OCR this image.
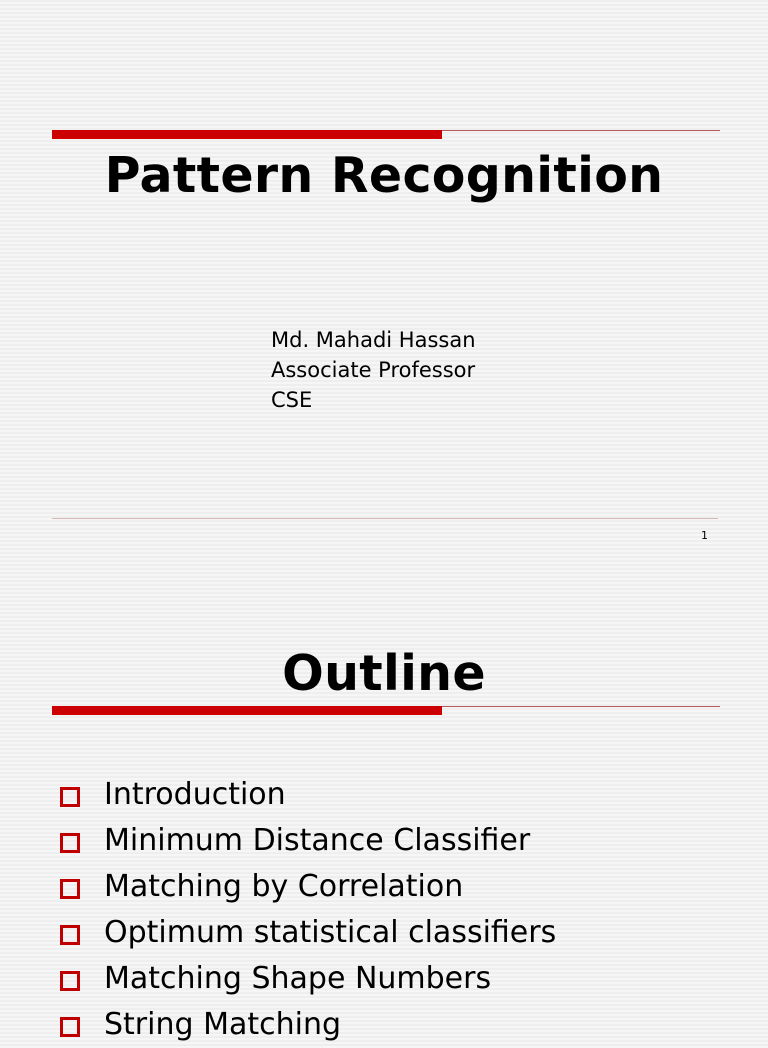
Pattern Recognition
Md. Mahadi Hassan
Associate Professor
CSE
1
Outline
Introduction
Minimum Distance Classifier
Matching by Correlation
Optimum statistical classifiers
Matching Shape Numbers
String Matching
